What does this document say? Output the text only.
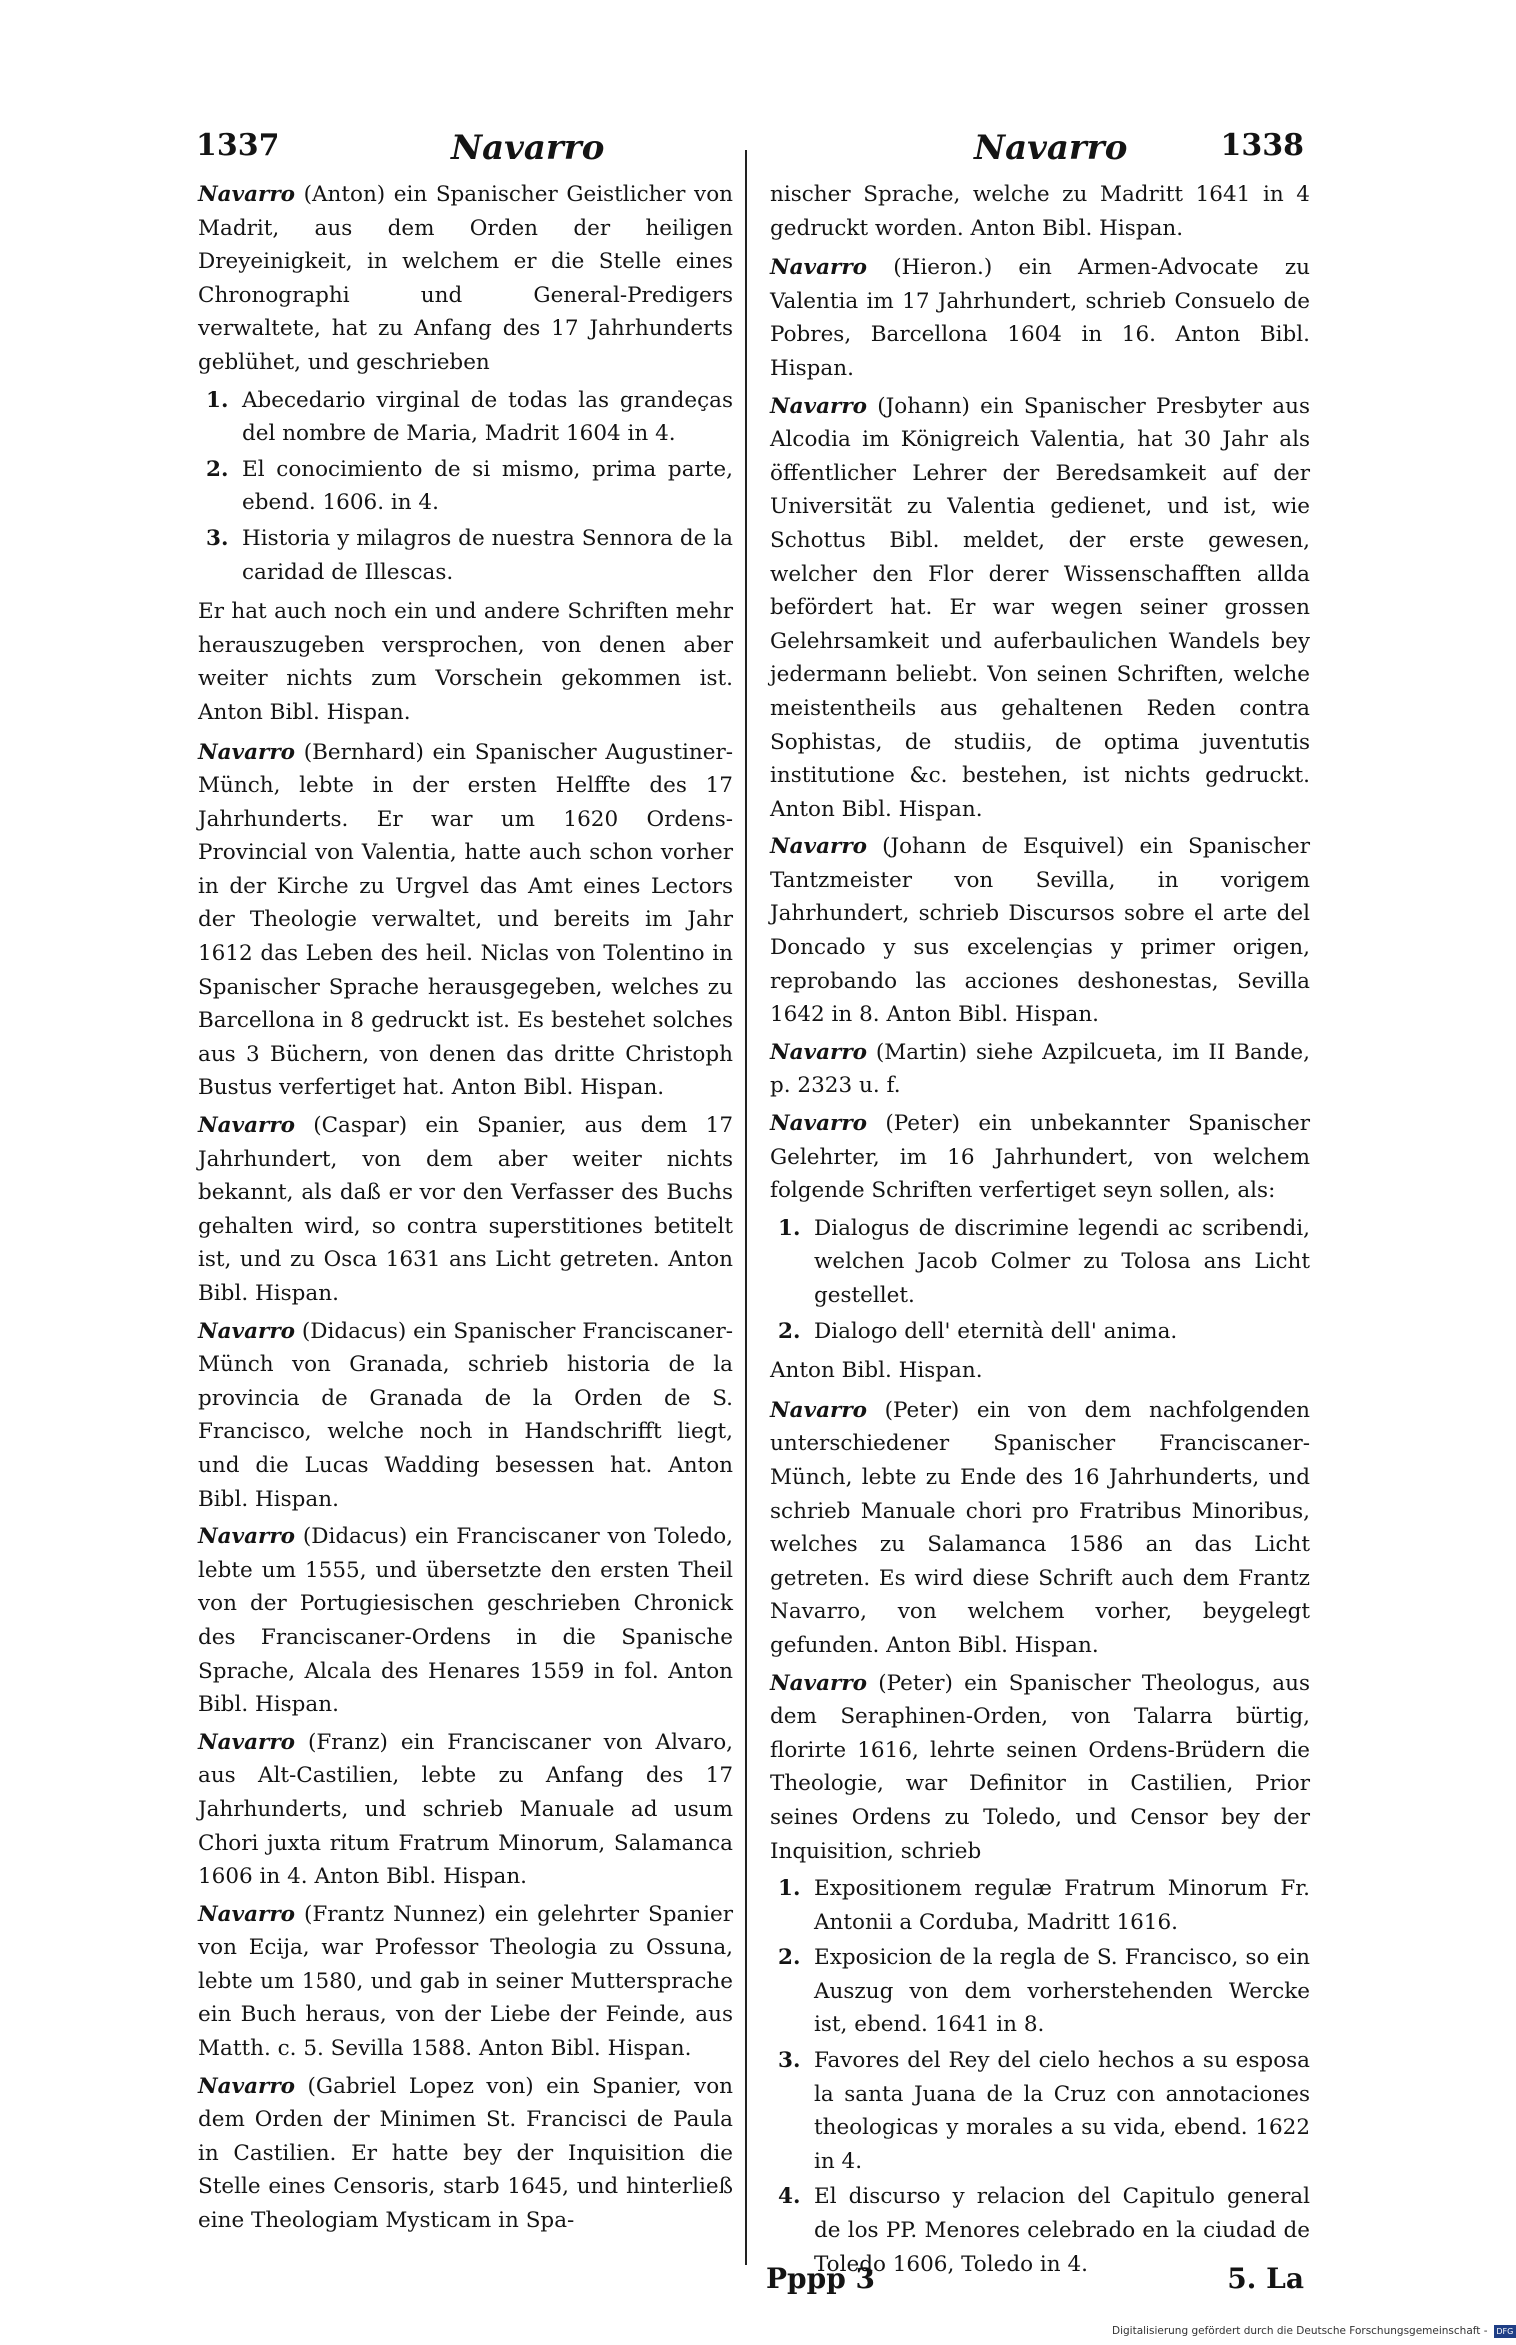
1337	Navarro	Navarro	1338
Navarro (Anton) ein Spanischer Geistlicher von Madrit, aus dem Orden der heiligen Dreyeinigkeit, in welchem er die Stelle eines Chronographi und General-Predigers verwaltete, hat zu Anfang des 17 Jahrhunderts geblühet, und geschrieben
1. Abecedario virginal de todas las grandeças del nombre de Maria, Madrit 1604 in 4.
2. El conocimiento de si mismo, prima parte, ebend. 1606. in 4.
3. Historia y milagros de nuestra Sennora de la caridad de Illescas.

Er hat auch noch ein und andere Schriften mehr herauszugeben versprochen, von denen aber weiter nichts zum Vorschein gekommen ist. Anton Bibl. Hispan.

Navarro (Bernhard) ein Spanischer Augustiner-Münch, lebte in der ersten Helffte des 17 Jahrhunderts. Er war um 1620 Ordens-Provincial von Valentia, hatte auch schon vorher in der Kirche zu Urgvel das Amt eines Lectors der Theologie verwaltet, und bereits im Jahr 1612 das Leben des heil. Niclas von Tolentino in Spanischer Sprache herausgegeben, welches zu Barcellona in 8 gedruckt ist. Es bestehet solches aus 3 Büchern, von denen das dritte Christoph Bustus verfertiget hat. Anton Bibl. Hispan.
Navarro (Caspar) ein Spanier, aus dem 17 Jahrhundert, von dem aber weiter nichts bekannt, als daß er vor den Verfasser des Buchs gehalten wird, so contra superstitiones betitelt ist, und zu Osca 1631 ans Licht getreten. Anton Bibl. Hispan.
Navarro (Didacus) ein Spanischer Franciscaner-Münch von Granada, schrieb historia de la provincia de Granada de la Orden de S. Francisco, welche noch in Handschrifft liegt, und die Lucas Wadding besessen hat. Anton Bibl. Hispan.
Navarro (Didacus) ein Franciscaner von Toledo, lebte um 1555, und übersetzte den ersten Theil von der Portugiesischen geschrieben Chronick des Franciscaner-Ordens in die Spanische Sprache, Alcala des Henares 1559 in fol. Anton Bibl. Hispan.
Navarro (Franz) ein Franciscaner von Alvaro, aus Alt-Castilien, lebte zu Anfang des 17 Jahrhunderts, und schrieb Manuale ad usum Chori juxta ritum Fratrum Minorum, Salamanca 1606 in 4. Anton Bibl. Hispan.
Navarro (Frantz Nunnez) ein gelehrter Spanier von Ecija, war Professor Theologia zu Ossuna, lebte um 1580, und gab in seiner Muttersprache ein Buch heraus, von der Liebe der Feinde, aus Matth. c. 5. Sevilla 1588. Anton Bibl. Hispan.
Navarro (Gabriel Lopez von) ein Spanier, von dem Orden der Minimen St. Francisci de Paula in Castilien. Er hatte bey der Inquisition die Stelle eines Censoris, starb 1645, und hinterließ eine Theologiam Mysticam in Spa-

nischer Sprache, welche zu Madritt 1641 in 4 gedruckt worden. Anton Bibl. Hispan.

Navarro (Hieron.) ein Armen-Advocate zu Valentia im 17 Jahrhundert, schrieb Consuelo de Pobres, Barcellona 1604 in 16. Anton Bibl. Hispan.
Navarro (Johann) ein Spanischer Presbyter aus Alcodia im Königreich Valentia, hat 30 Jahr als öffentlicher Lehrer der Beredsamkeit auf der Universität zu Valentia gedienet, und ist, wie Schottus Bibl. meldet, der erste gewesen, welcher den Flor derer Wissenschafften allda befördert hat. Er war wegen seiner grossen Gelehrsamkeit und auferbaulichen Wandels bey jedermann beliebt. Von seinen Schriften, welche meistentheils aus gehaltenen Reden contra Sophistas, de studiis, de optima juventutis institutione &c. bestehen, ist nichts gedruckt. Anton Bibl. Hispan.
Navarro (Johann de Esquivel) ein Spanischer Tantzmeister von Sevilla, in vorigem Jahrhundert, schrieb Discursos sobre el arte del Doncado y sus excelençias y primer origen, reprobando las acciones deshonestas, Sevilla 1642 in 8. Anton Bibl. Hispan.
Navarro (Martin) siehe Azpilcueta, im II Bande, p. 2323 u. f.
Navarro (Peter) ein unbekannter Spanischer Gelehrter, im 16 Jahrhundert, von welchem folgende Schriften verfertiget seyn sollen, als:
1. Dialogus de discrimine legendi ac scribendi, welchen Jacob Colmer zu Tolosa ans Licht gestellet.
2. Dialogo dell' eternità dell' anima.

Anton Bibl. Hispan.

Navarro (Peter) ein von dem nachfolgenden unterschiedener Spanischer Franciscaner-Münch, lebte zu Ende des 16 Jahrhunderts, und schrieb Manuale chori pro Fratribus Minoribus, welches zu Salamanca 1586 an das Licht getreten. Es wird diese Schrift auch dem Frantz Navarro, von welchem vorher, beygelegt gefunden. Anton Bibl. Hispan.
Navarro (Peter) ein Spanischer Theologus, aus dem Seraphinen-Orden, von Talarra bürtig, florirte 1616, lehrte seinen Ordens-Brüdern die Theologie, war Definitor in Castilien, Prior seines Ordens zu Toledo, und Censor bey der Inquisition, schrieb
1. Expositionem regulæ Fratrum Minorum Fr. Antonii a Corduba, Madritt 1616.
2. Exposicion de la regla de S. Francisco, so ein Auszug von dem vorherstehenden Wercke ist, ebend. 1641 in 8.
3. Favores del Rey del cielo hechos a su esposa la santa Juana de la Cruz con annotaciones theologicas y morales a su vida, ebend. 1622 in 4.
4. El discurso y relacion del Capitulo general de los PP. Menores celebrado en la ciudad de Toledo 1606, Toledo in 4.
Pppp 3	5. La
Digitalisierung gefördert durch die Deutsche Forschungsgemeinschaft - DFG
